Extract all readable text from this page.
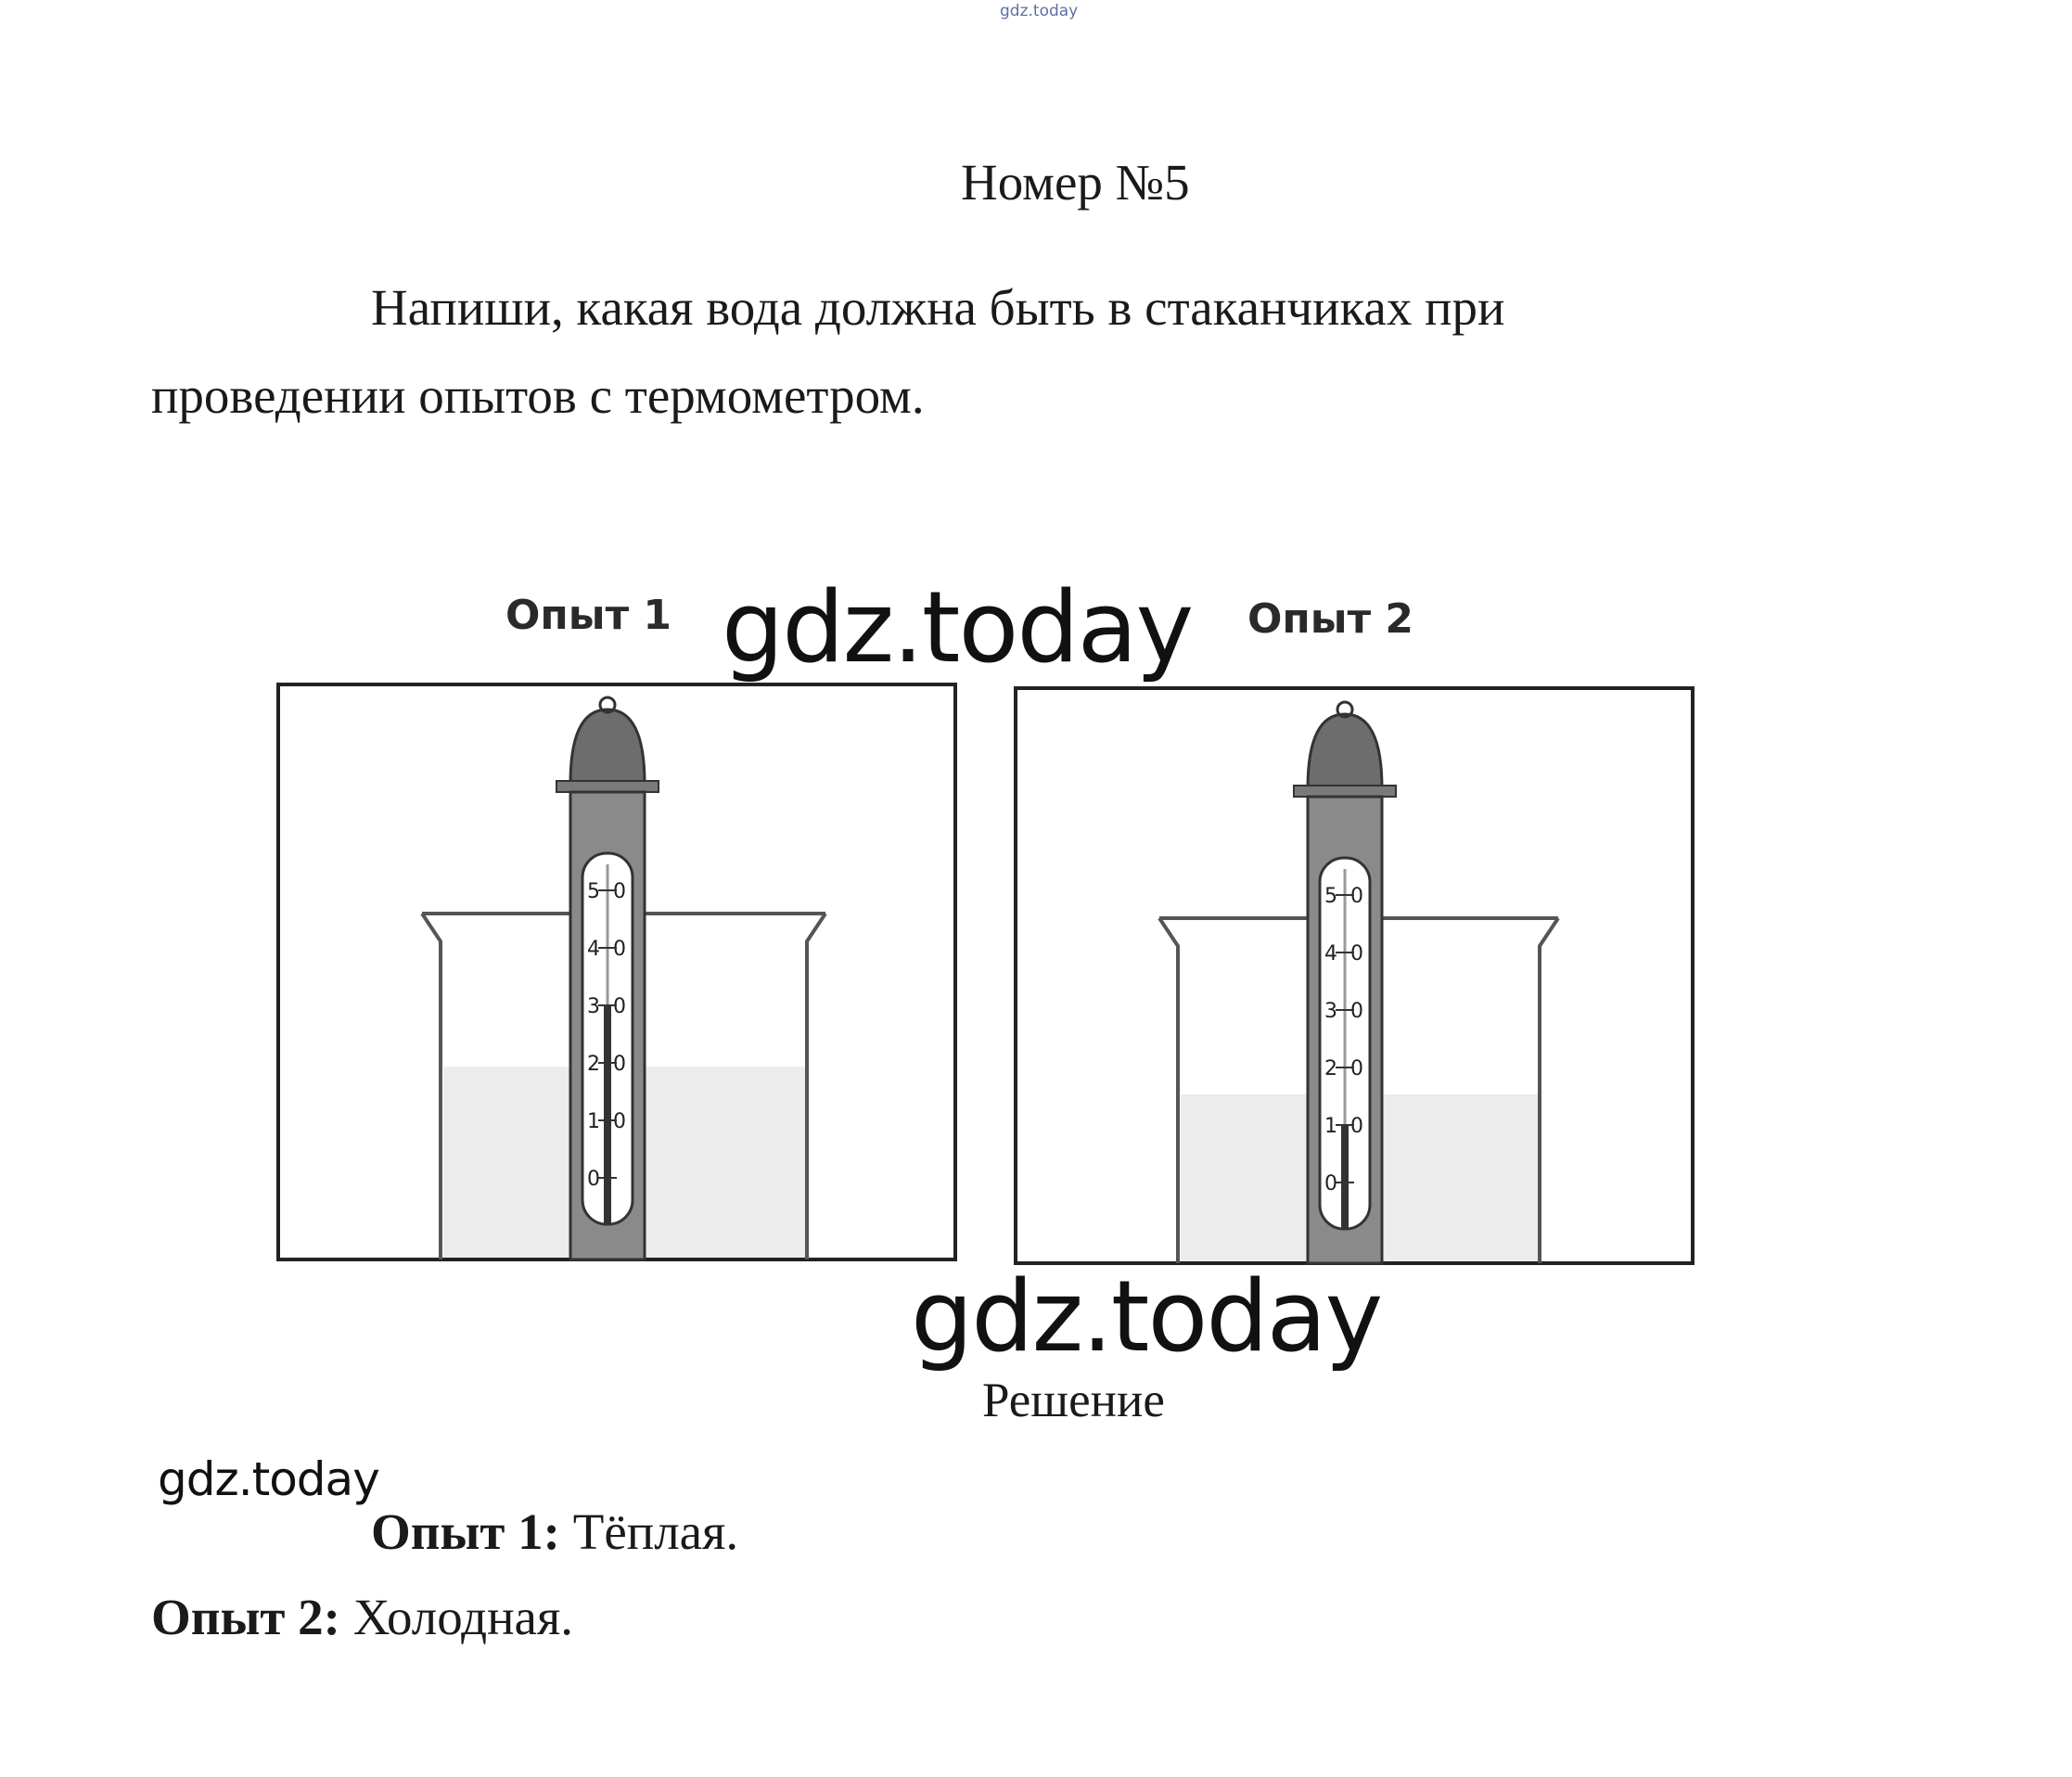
gdz.today
Номер №5
Напиши, какая вода должна быть в стаканчиках при
проведении опытов с термометром.
Опыт 1	Опыт 2
50
40
30
20
10
0
50
40
30
20
10
0
gdz.today
gdz.today
Решение
gdz.today
Опыт 1: Тёплая.
Опыт 2: Холодная.
